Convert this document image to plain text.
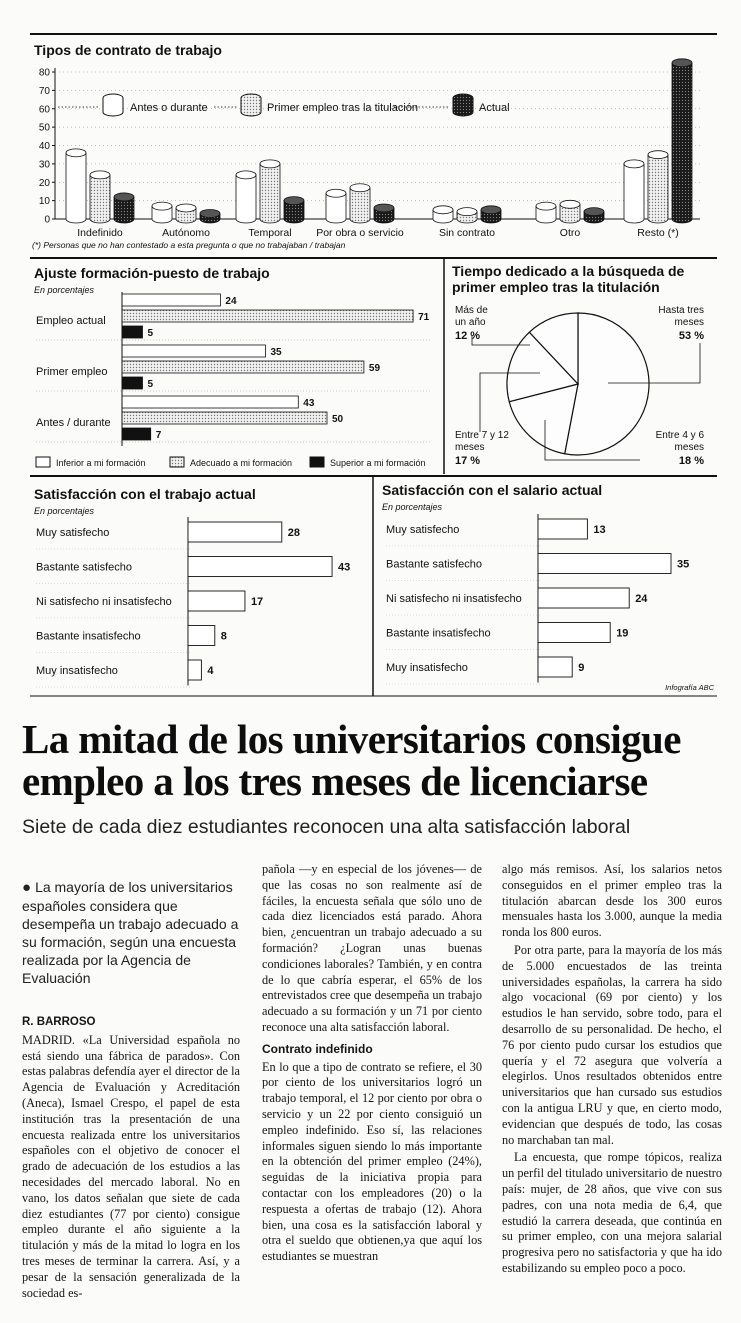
Tipos de contrato de trabajo
0
10
20
30
40
50
60
70
80
Indefinido	Autónomo	Temporal Por obra o servicio	Sin contrato	Otro	Resto (*)
Antes o durante	Primer empleo tras la titulación	Actual
(*) Personas que no han contestado a esta pregunta o que no trabajaban / trabajan
Ajuste formación-puesto de trabajo
En porcentajes
Empleo actual
24
71
5
Primer empleo
35
59
5
Antes / durante
43
50
7
Inferior a mi formación	Adecuado a mi formación	Superior a mi formación
Tiempo dedicado a la búsqueda de
primer empleo tras la titulación
Hasta tres
meses
53 %
Entre 4 y 6
meses
18 %
Entre 7 y 12
meses
17 %
Más de
un año
12 %
Satisfacción con el trabajo actual
En porcentajes
Muy satisfecho	28
Bastante satisfecho	43
Ni satisfecho ni insatisfecho	17
Bastante insatisfecho	8
Muy insatisfecho	4
Satisfacción con el salario actual
En porcentajes
Muy satisfecho	13
Bastante satisfecho	35
Ni satisfecho ni insatisfecho	24
Bastante insatisfecho	19
Muy insatisfecho	9
Infografía ABC
La mitad de los universitarios consigue
empleo a los tres meses de licenciarse

Siete de cada diez estudiantes reconocen una alta satisfacción laboral

● La mayoría de los universitarios españoles considera que desempeña un trabajo adecuado a su formación, según una encuesta realizada por la Agencia de Evaluación

R. BARROSO

MADRID. «La Universidad española no está siendo una fábrica de parados». Con estas palabras defendía ayer el director de la Agencia de Evaluación y Acreditación (Aneca), Ismael Crespo, el papel de esta institución tras la presentación de una encuesta realizada entre los universitarios españoles con el objetivo de conocer el grado de adecuación de los estudios a las necesidades del mercado laboral. No en vano, los datos señalan que siete de cada diez estudiantes (77 por ciento) consigue empleo durante el año siguiente a la titulación y más de la mitad lo logra en los tres meses de terminar la carrera. Así, y a pesar de la sensación generalizada de la sociedad es-

pañola —y en especial de los jóvenes— de que las cosas no son realmente así de fáciles, la encuesta señala que sólo uno de cada diez licenciados está parado. Ahora bien, ¿encuentran un trabajo adecuado a su formación? ¿Logran unas buenas condiciones laborales? También, y en contra de lo que cabría esperar, el 65% de los entrevistados cree que desempeña un trabajo adecuado a su formación y un 71 por ciento reconoce una alta satisfacción laboral.

Contrato indefinido

En lo que a tipo de contrato se refiere, el 30 por ciento de los universitarios logró un trabajo temporal, el 12 por ciento por obra o servicio y un 22 por ciento consiguió un empleo indefinido. Eso sí, las relaciones informales siguen siendo lo más importante en la obtención del primer empleo (24%), seguidas de la iniciativa propia para contactar con los empleadores (20) o la respuesta a ofertas de trabajo (12). Ahora bien, una cosa es la satisfacción laboral y otra el sueldo que obtienen,ya que aquí los estudiantes se muestran

algo más remisos. Así, los salarios netos conseguidos en el primer empleo tras la titulación abarcan desde los 300 euros mensuales hasta los 3.000, aunque la media ronda los 800 euros.

Por otra parte, para la mayoría de los más de 5.000 encuestados de las treinta universidades españolas, la carrera ha sido algo vocacional (69 por ciento) y los estudios le han servido, sobre todo, para el desarrollo de su personalidad. De hecho, el 76 por ciento pudo cursar los estudios que quería y el 72 asegura que volvería a elegirlos. Unos resultados obtenidos entre universitarios que han cursado sus estudios con la antigua LRU y que, en cierto modo, evidencian que después de todo, las cosas no marchaban tan mal.

La encuesta, que rompe tópicos, realiza un perfil del titulado universitario de nuestro país: mujer, de 28 años, que vive con sus padres, con una nota media de 6,4, que estudió la carrera deseada, que continúa en su primer empleo, con una mejora salarial progresiva pero no satisfactoria y que ha ido estabilizando su empleo poco a poco.
